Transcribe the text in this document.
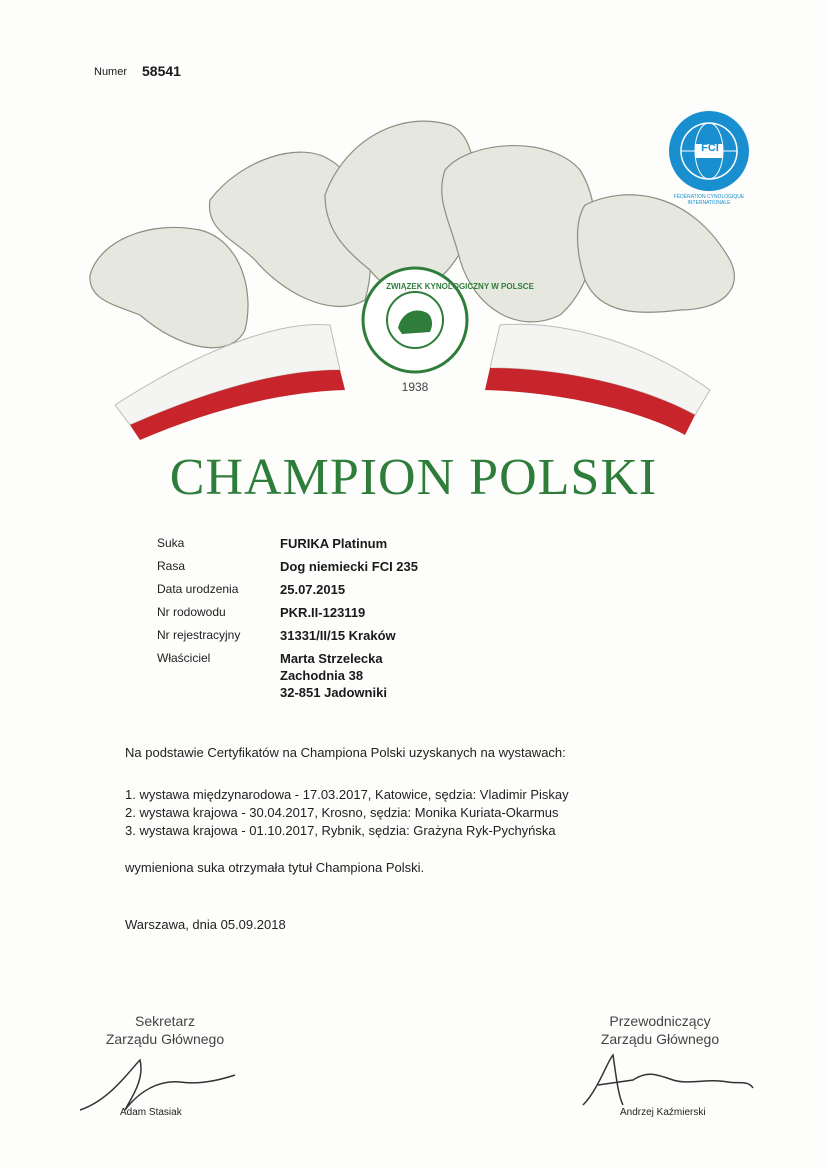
Numer 58541
ZWIĄZEK KYNOLOGICZNY W POLSCE
1938
FCI
FÉDÉRATION CYNOLOGIQUE INTERNATIONALE
CHAMPION POLSKI
Suka	FURIKA Platinum
Rasa	Dog niemiecki FCI 235
Data urodzenia	25.07.2015
Nr rodowodu	PKR.II-123119
Nr rejestracyjny	31331/II/15 Kraków
Właściciel	Marta Strzelecka
Zachodnia 38
32-851 Jadowniki
Na podstawie Certyfikatów na Championa Polski uzyskanych na wystawach:
1. wystawa międzynarodowa - 17.03.2017, Katowice, sędzia: Vladimir Piskay
2. wystawa krajowa - 30.04.2017, Krosno, sędzia: Monika Kuriata-Okarmus
3. wystawa krajowa - 01.10.2017, Rybnik, sędzia: Grażyna Ryk-Pychyńska
wymieniona suka otrzymała tytuł Championa Polski.
Warszawa, dnia 05.09.2018
Sekretarz
Zarządu Głównego
Adam Stasiak
Przewodniczący
Zarządu Głównego
Andrzej Kaźmierski
